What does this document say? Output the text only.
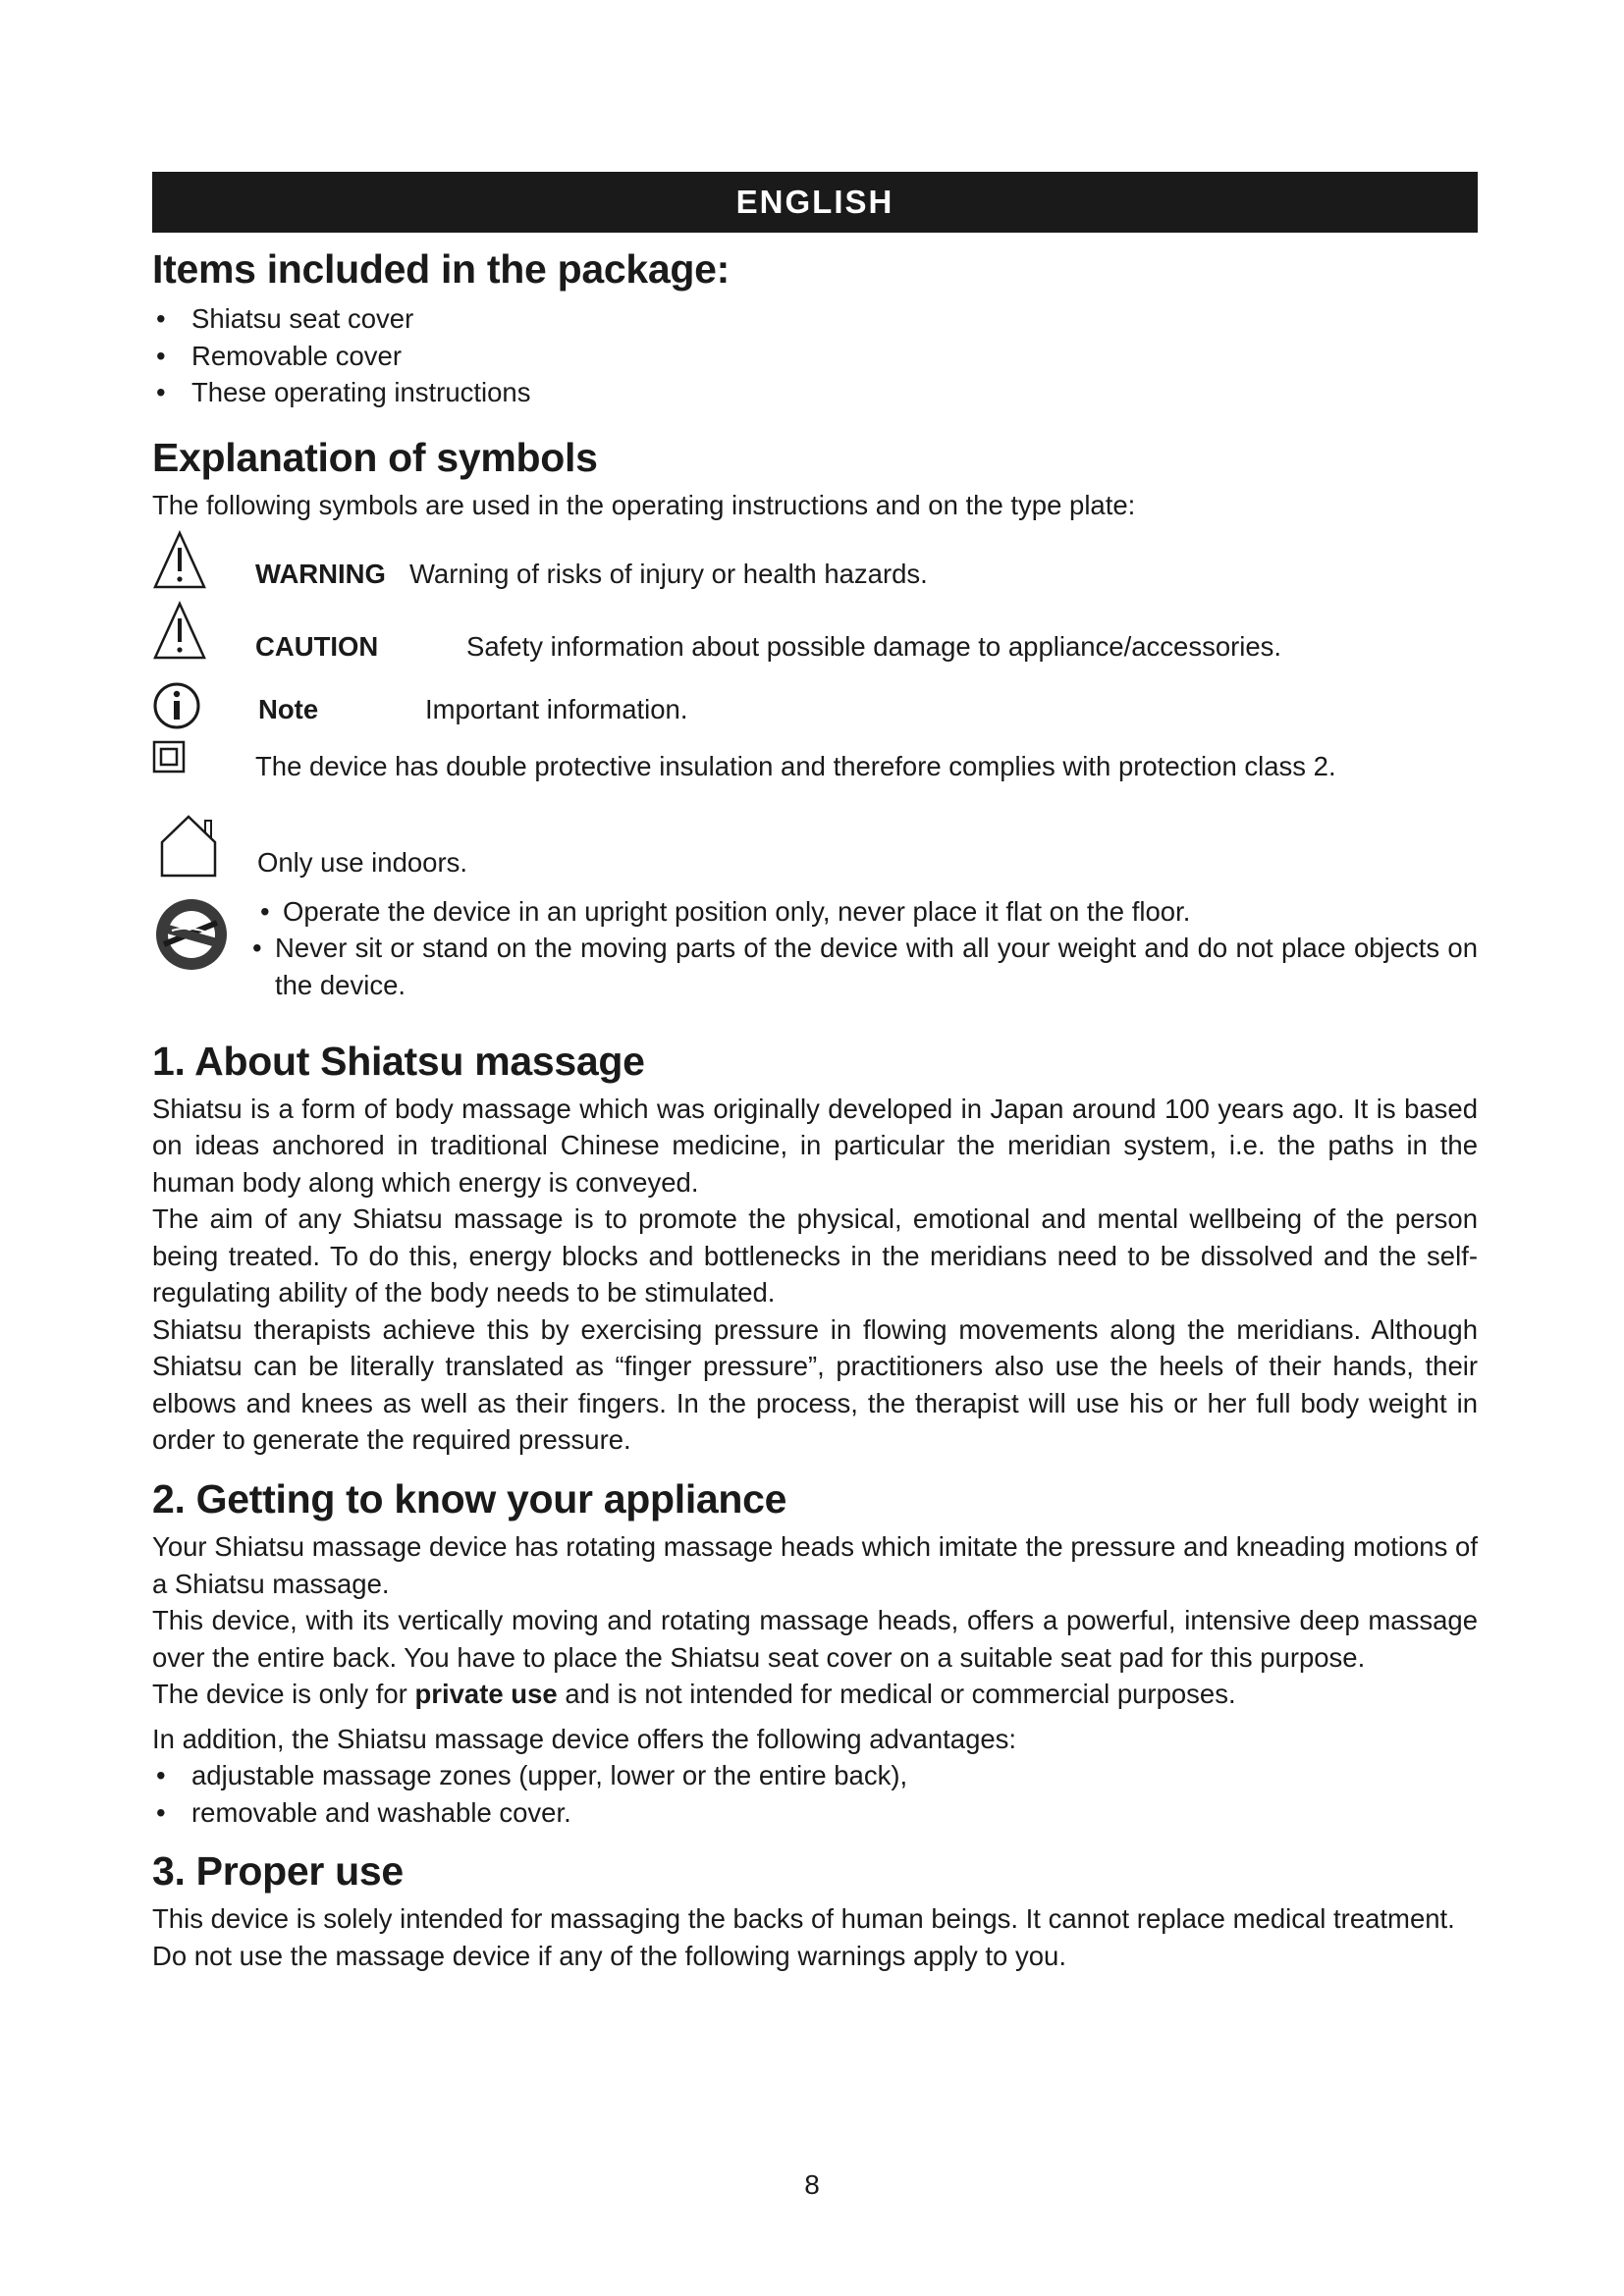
ENGLISH
Items included in the package:
• Shiatsu seat cover
• Removable cover
• These operating instructions
Explanation of symbols

The following symbols are used in the operating instructions and on the type plate:

WARNING Warning of risks of injury or health hazards.
CAUTION	Safety information about possible damage to appliance/accessories.
Note	Important information.
The device has double protective insulation and therefore complies with protection class 2.
Only use indoors.
• Operate the device in an upright position only, never place it flat on the floor.
• Never sit or stand on the moving parts of the device with all your weight and do not place objects on the device.
1. About Shiatsu massage

Shiatsu is a form of body massage which was originally developed in Japan around 100 years ago. It is based on ideas anchored in traditional Chinese medicine, in particular the meridian system, i.e. the paths in the human body along which energy is conveyed.

The aim of any Shiatsu massage is to promote the physical, emotional and mental wellbeing of the person being treated. To do this, energy blocks and bottlenecks in the meridians need to be dissolved and the self-regulating ability of the body needs to be stimulated.

Shiatsu therapists achieve this by exercising pressure in flowing movements along the meridians. Although Shiatsu can be literally translated as “finger pressure”, practitioners also use the heels of their hands, their elbows and knees as well as their fingers. In the process, the therapist will use his or her full body weight in order to generate the required pressure.

2. Getting to know your appliance

Your Shiatsu massage device has rotating massage heads which imitate the pressure and kneading motions of a Shiatsu massage.

This device, with its vertically moving and rotating massage heads, offers a powerful, intensive deep massage over the entire back. You have to place the Shiatsu seat cover on a suitable seat pad for this purpose.

The device is only for private use and is not intended for medical or commercial purposes.

In addition, the Shiatsu massage device offers the following advantages:

• adjustable massage zones (upper, lower or the entire back),
• removable and washable cover.
3. Proper use

This device is solely intended for massaging the backs of human beings. It cannot replace medical treatment.

Do not use the massage device if any of the following warnings apply to you.

8
